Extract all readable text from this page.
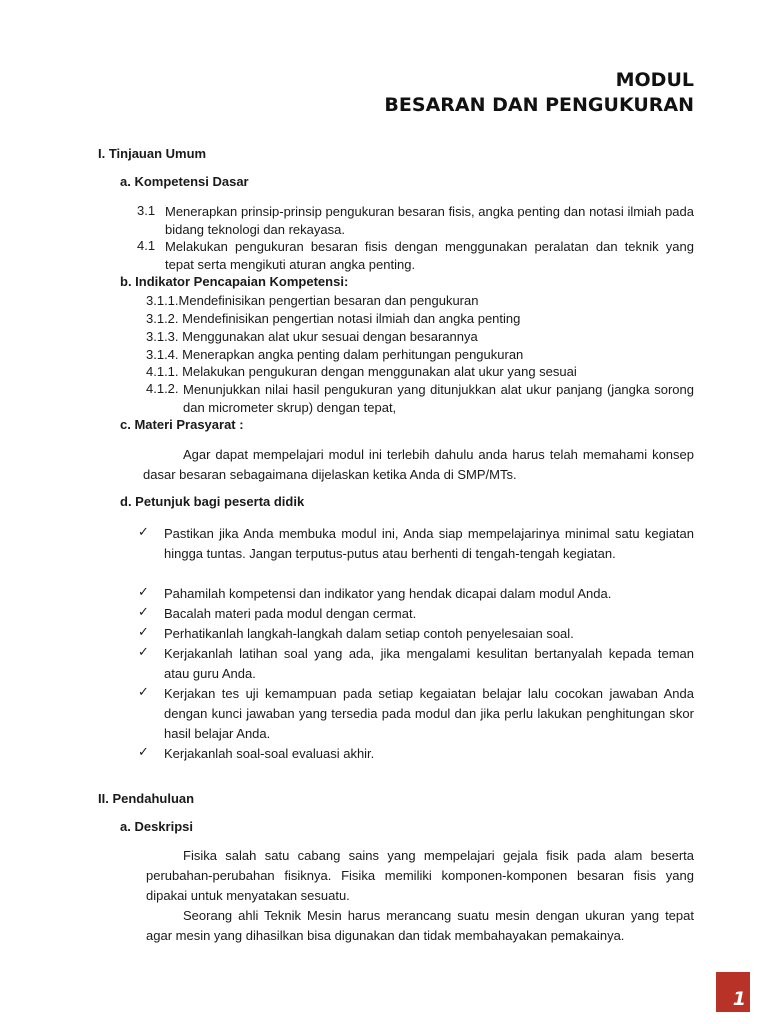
MODUL
BESARAN DAN PENGUKURAN
I. Tinjauan Umum
a. Kompetensi Dasar
3.1 Menerapkan prinsip-prinsip pengukuran besaran fisis, angka penting dan notasi ilmiah pada bidang teknologi dan rekayasa.
4.1 Melakukan pengukuran besaran fisis dengan menggunakan peralatan dan teknik yang tepat serta mengikuti aturan angka penting.
b. Indikator Pencapaian Kompetensi:
3.1.1.Mendefinisikan pengertian besaran dan pengukuran
3.1.2. Mendefinisikan pengertian notasi ilmiah dan angka penting
3.1.3. Menggunakan alat ukur sesuai dengan besarannya
3.1.4. Menerapkan angka penting dalam perhitungan pengukuran
4.1.1. Melakukan pengukuran dengan menggunakan alat ukur yang sesuai
4.1.2. Menunjukkan nilai hasil pengukuran yang ditunjukkan alat ukur panjang (jangka sorong dan micrometer skrup) dengan tepat,
c. Materi Prasyarat :
Agar dapat mempelajari modul ini terlebih dahulu anda harus telah memahami konsep dasar besaran sebagaimana dijelaskan ketika Anda di SMP/MTs.
d. Petunjuk bagi peserta didik
✓ Pastikan jika Anda membuka modul ini, Anda siap mempelajarinya minimal satu kegiatan hingga tuntas. Jangan terputus-putus atau berhenti di tengah-tengah kegiatan.
✓ Pahamilah kompetensi dan indikator yang hendak dicapai dalam modul Anda.
✓ Bacalah materi pada modul dengan cermat.
✓ Perhatikanlah langkah-langkah dalam setiap contoh penyelesaian soal.
✓ Kerjakanlah latihan soal yang ada, jika mengalami kesulitan bertanyalah kepada teman atau guru Anda.
✓ Kerjakan tes uji kemampuan pada setiap kegaiatan belajar lalu cocokan jawaban Anda dengan kunci jawaban yang tersedia pada modul dan jika perlu lakukan penghitungan skor hasil belajar Anda.
✓ Kerjakanlah soal-soal evaluasi akhir.
II. Pendahuluan
a. Deskripsi
Fisika salah satu cabang sains yang mempelajari gejala fisik pada alam beserta perubahan-perubahan fisiknya. Fisika memiliki komponen-komponen besaran fisis yang dipakai untuk menyatakan sesuatu.
Seorang ahli Teknik Mesin harus merancang suatu mesin dengan ukuran yang tepat agar mesin yang dihasilkan bisa digunakan dan tidak membahayakan pemakainya.
1
